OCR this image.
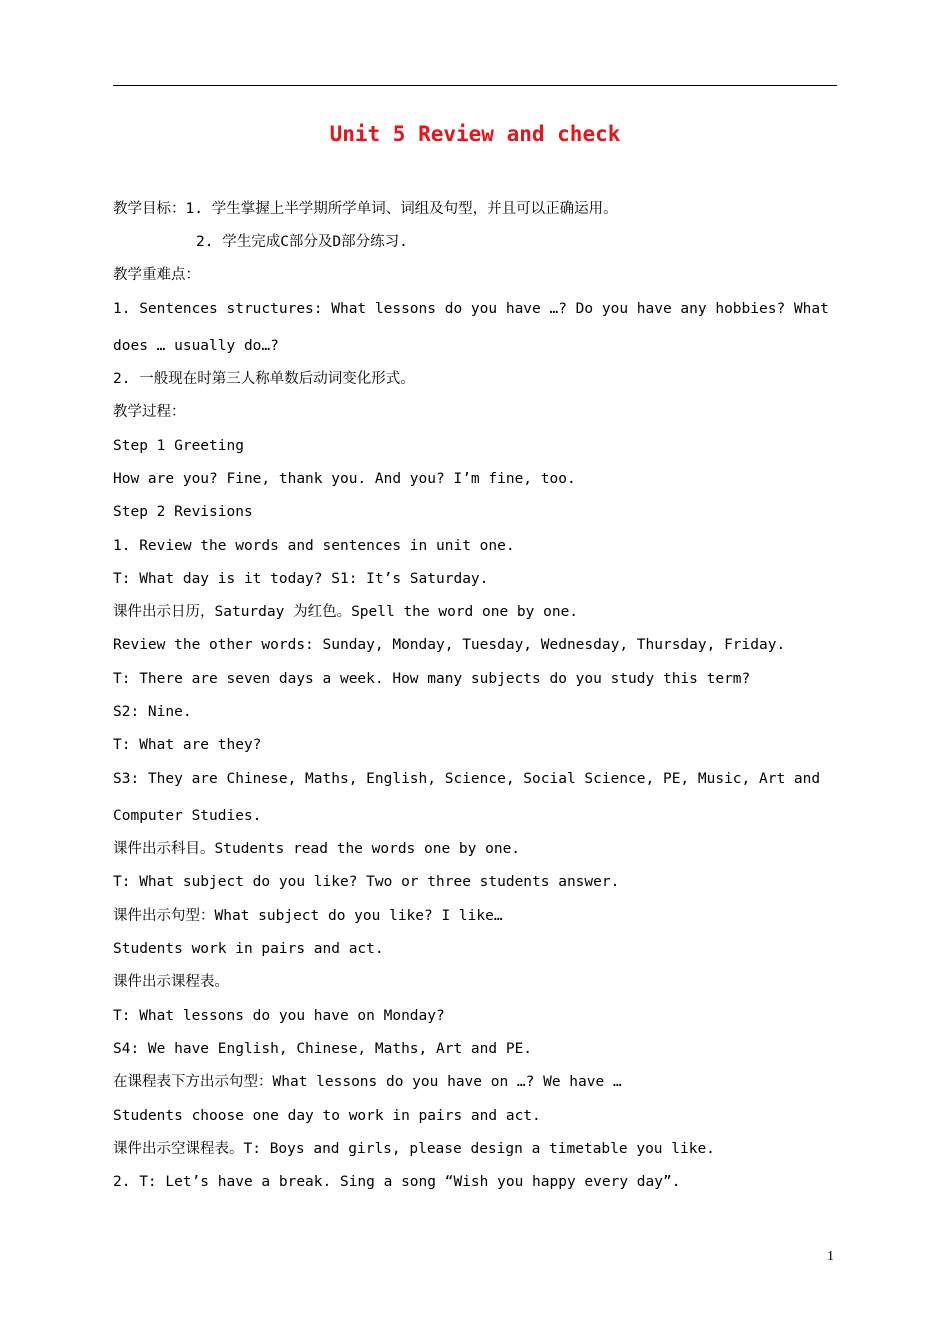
Unit 5 Review and check
教学目标：1. 学生掌握上半学期所学单词、词组及句型，并且可以正确运用。
2. 学生完成C部分及D部分练习.
教学重难点：
1. Sentences structures: What lessons do you have …? Do you have any hobbies? What
does … usually do…?
2. 一般现在时第三人称单数后动词变化形式。
教学过程：
Step 1 Greeting
How are you? Fine, thank you. And you? I’m fine, too.
Step 2 Revisions
1. Review the words and sentences in unit one.
T: What day is it today? S1: It’s Saturday.
课件出示日历，Saturday 为红色。Spell the word one by one.
Review the other words: Sunday, Monday, Tuesday, Wednesday, Thursday, Friday.
T: There are seven days a week. How many subjects do you study this term?
S2: Nine.
T: What are they?
S3: They are Chinese, Maths, English, Science, Social Science, PE, Music, Art and
Computer Studies.
课件出示科目。Students read the words one by one.
T: What subject do you like? Two or three students answer.
课件出示句型：What subject do you like? I like…
Students work in pairs and act.
课件出示课程表。
T: What lessons do you have on Monday?
S4: We have English, Chinese, Maths, Art and PE.
在课程表下方出示句型：What lessons do you have on …? We have …
Students choose one day to work in pairs and act.
课件出示空课程表。T: Boys and girls, please design a timetable you like.
2. T: Let’s have a break. Sing a song “Wish you happy every day”.
1
